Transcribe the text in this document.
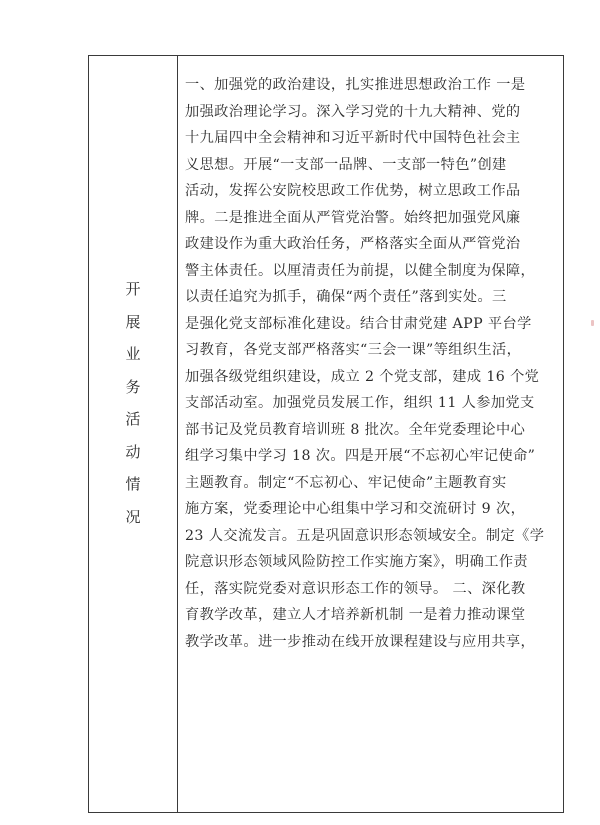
开
展
业
务
活
动
情
况
一、加强党的政治建设，扎实推进思想政治工作 一是
加强政治理论学习。深入学习党的十九大精神、党的
十九届四中全会精神和习近平新时代中国特色社会主
义思想。开展“一支部一品牌、一支部一特色”创建
活动，发挥公安院校思政工作优势，树立思政工作品
牌。二是推进全面从严管党治警。始终把加强党风廉
政建设作为重大政治任务，严格落实全面从严管党治
警主体责任。以厘清责任为前提，以健全制度为保障，
以责任追究为抓手，确保“两个责任”落到实处。三
是强化党支部标准化建设。结合甘肃党建 APP 平台学
习教育，各党支部严格落实“三会一课”等组织生活，
加强各级党组织建设，成立 2 个党支部，建成 16 个党
支部活动室。加强党员发展工作，组织 11 人参加党支
部书记及党员教育培训班 8 批次。全年党委理论中心
组学习集中学习 18 次。四是开展“不忘初心牢记使命”
主题教育。制定“不忘初心、牢记使命”主题教育实
施方案，党委理论中心组集中学习和交流研讨 9 次，
23 人交流发言。五是巩固意识形态领域安全。制定《学
院意识形态领域风险防控工作实施方案》，明确工作责
任，落实院党委对意识形态工作的领导。 二、深化教
育教学改革，建立人才培养新机制 一是着力推动课堂
教学改革。进一步推动在线开放课程建设与应用共享，
